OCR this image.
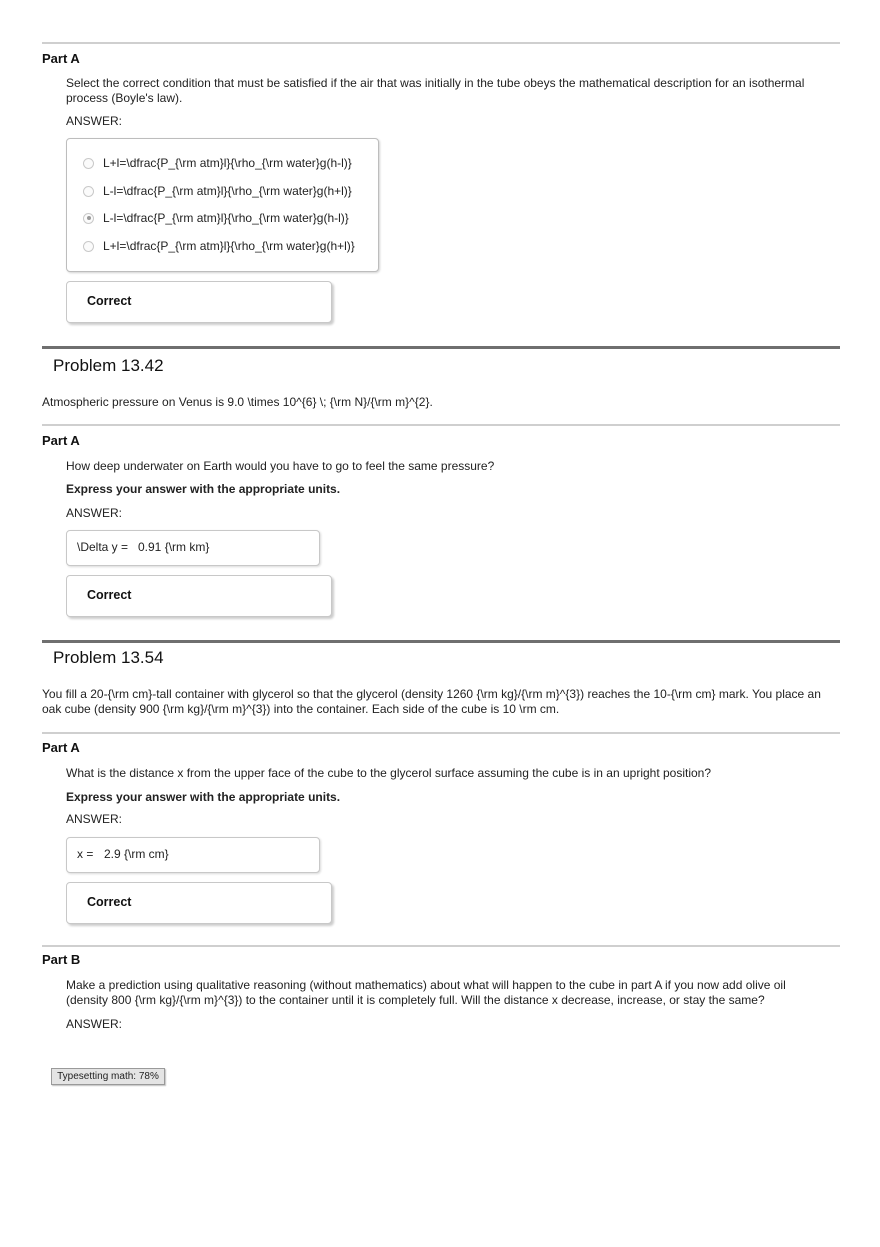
Part A
Select the correct condition that must be satisfied if the air that was initially in the tube obeys the mathematical description for an isothermal process (Boyle's law).
ANSWER:
L+l=\dfrac{P_{\rm atm}l}{\rho_{\rm water}g(h-l)}
L-l=\dfrac{P_{\rm atm}l}{\rho_{\rm water}g(h+l)}
L-l=\dfrac{P_{\rm atm}l}{\rho_{\rm water}g(h-l)}
L+l=\dfrac{P_{\rm atm}l}{\rho_{\rm water}g(h+l)}
Correct
Problem 13.42
Atmospheric pressure on Venus is 9.0 \times 10^{6} \; {\rm N}/{\rm m}^{2}.
Part A
How deep underwater on Earth would you have to go to feel the same pressure?
Express your answer with the appropriate units.
ANSWER:
\Delta y = 0.91 {\rm km}
Correct
Problem 13.54
You fill a 20-{\rm cm}-tall container with glycerol so that the glycerol (density 1260 {\rm kg}/{\rm m}^{3}) reaches the 10-{\rm cm} mark. You place an
oak cube (density 900 {\rm kg}/{\rm m}^{3}) into the container. Each side of the cube is 10 \rm cm.
Part A
What is the distance x from the upper face of the cube to the glycerol surface assuming the cube is in an upright position?
Express your answer with the appropriate units.
ANSWER:
x = 2.9 {\rm cm}
Correct
Part B
Make a prediction using qualitative reasoning (without mathematics) about what will happen to the cube in part A if you now add olive oil
(density 800 {\rm kg}/{\rm m}^{3}) to the container until it is completely full. Will the distance x decrease, increase, or stay the same?
ANSWER:
Typesetting math: 78%
